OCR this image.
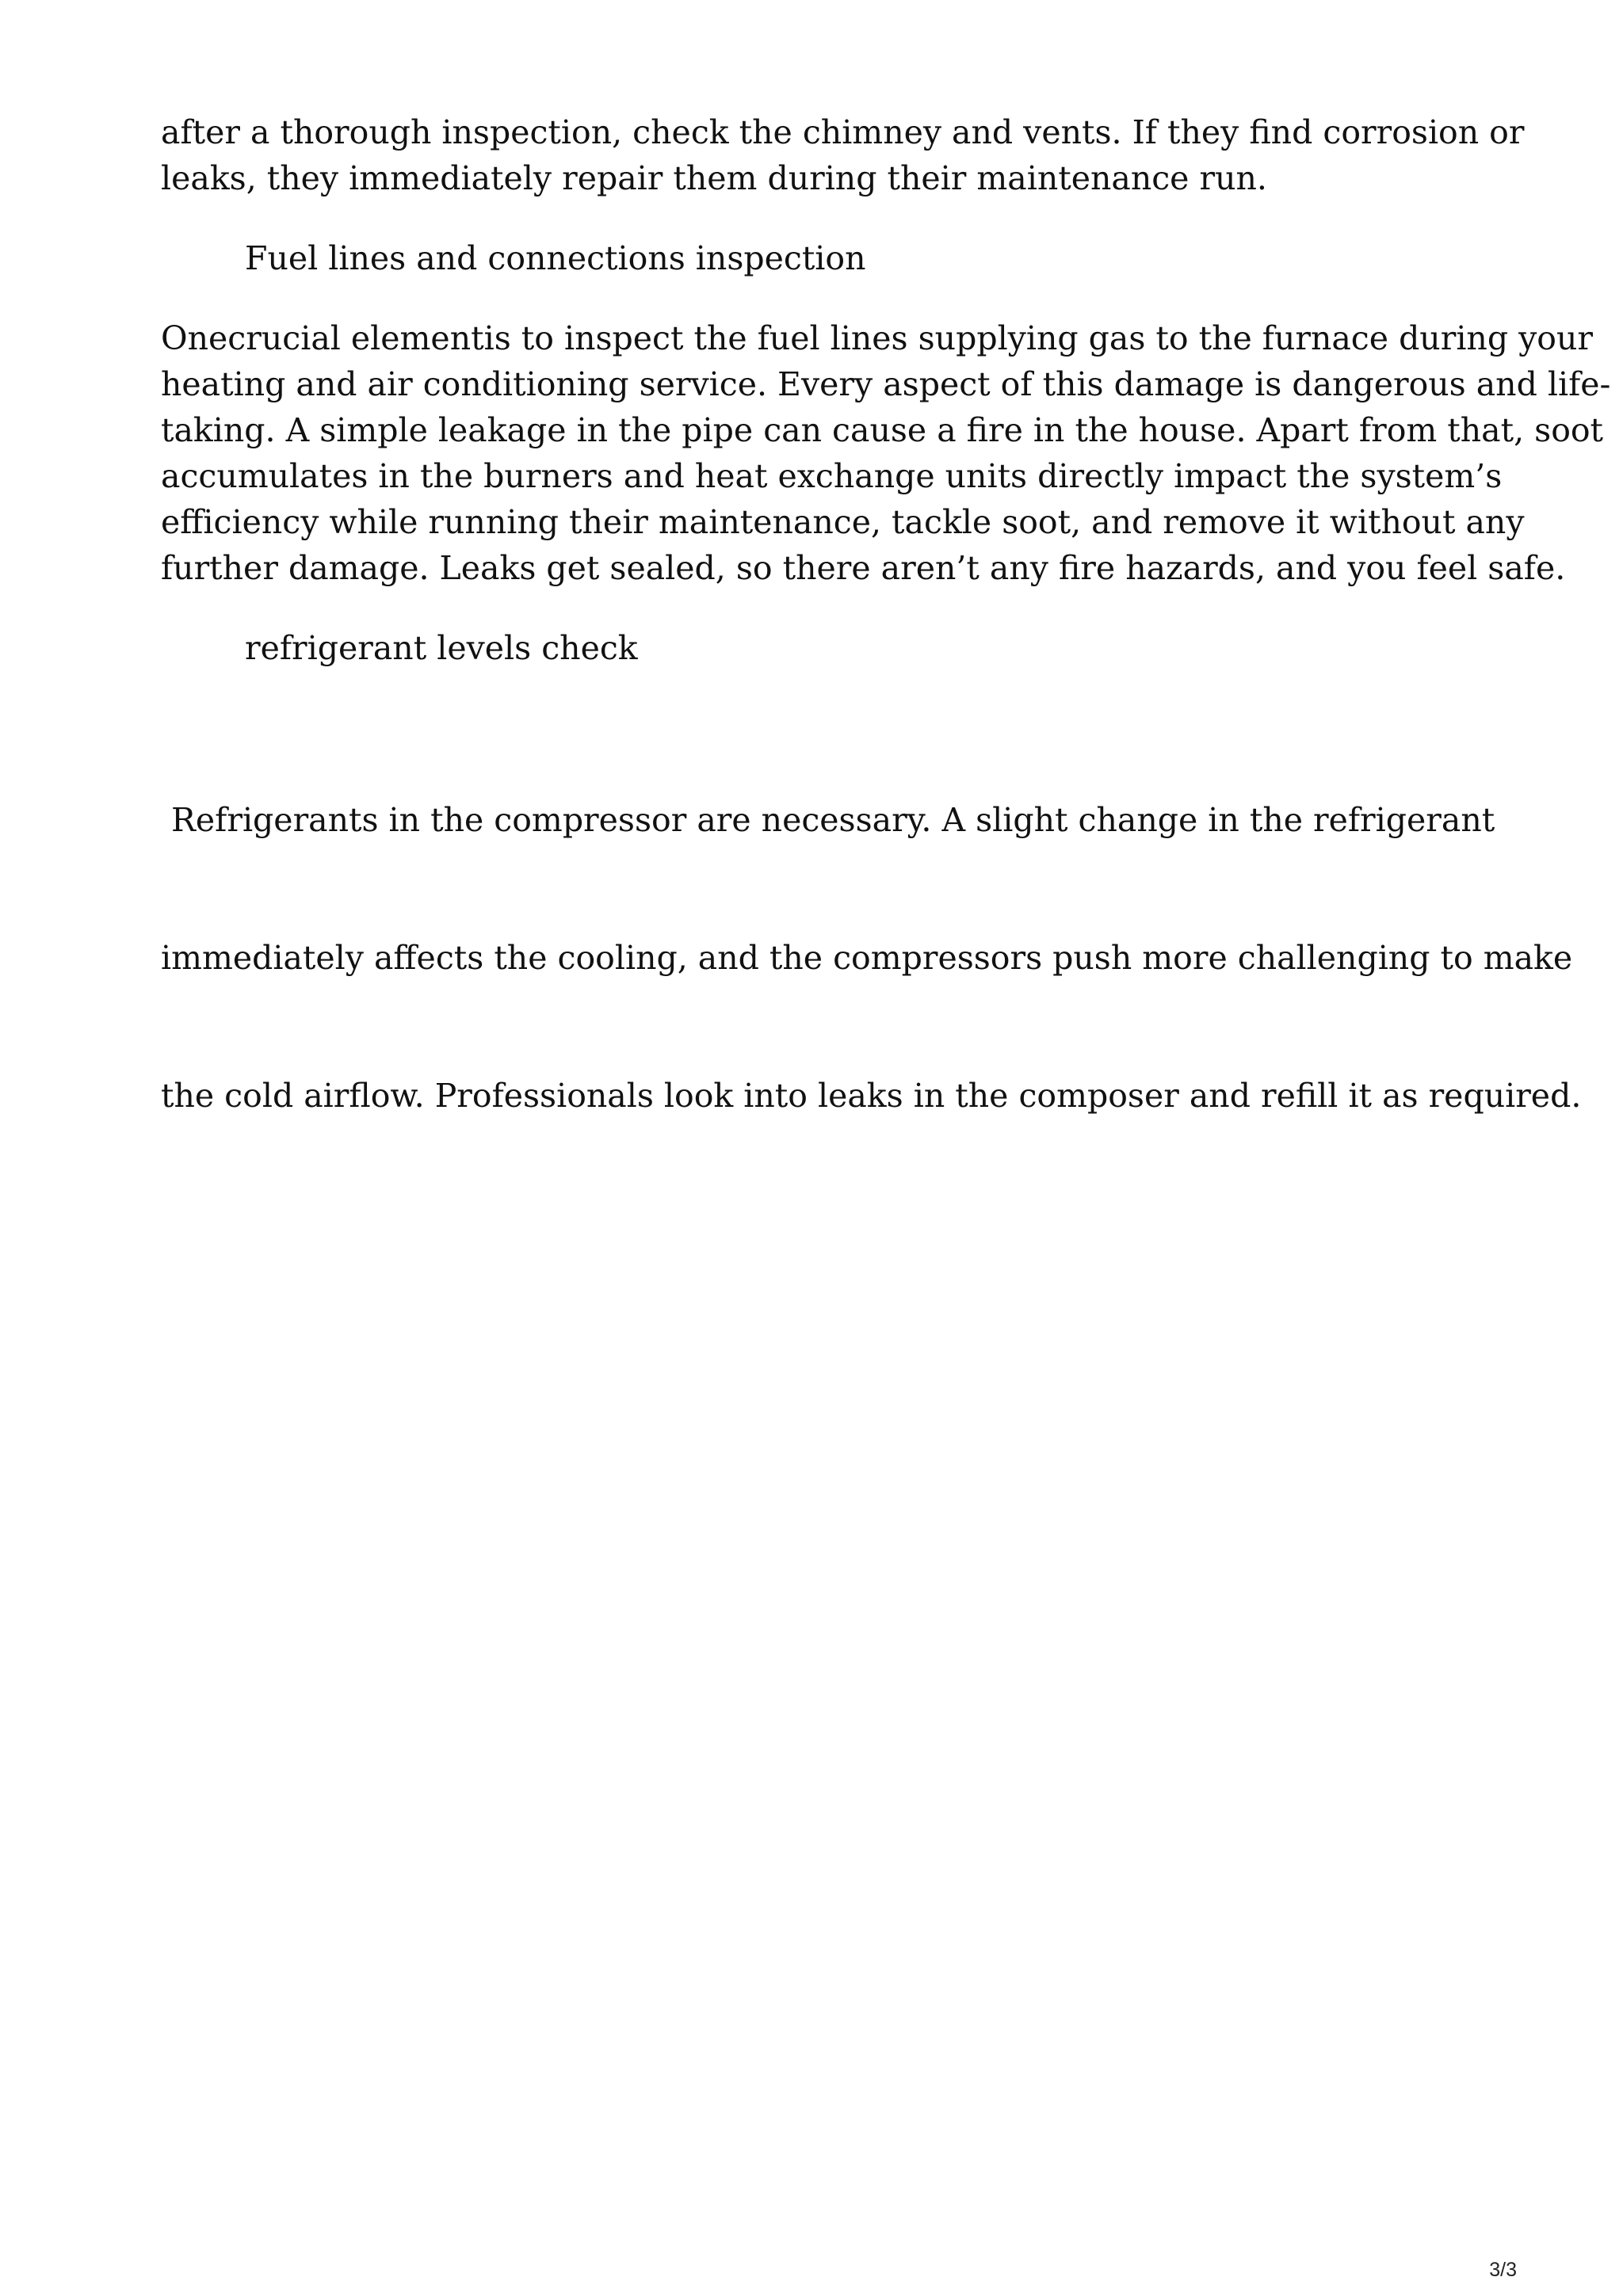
after a thorough inspection, check the chimney and vents. If they find corrosion or
leaks, they immediately repair them during their maintenance run.

Fuel lines and connections inspection

Onecrucial elementis to inspect the fuel lines supplying gas to the furnace during your
heating and air conditioning service. Every aspect of this damage is dangerous and life-
taking. A simple leakage in the pipe can cause a fire in the house. Apart from that, soot
accumulates in the burners and heat exchange units directly impact the system’s
efficiency while running their maintenance, tackle soot, and remove it without any
further damage. Leaks get sealed, so there aren’t any fire hazards, and you feel safe.

refrigerant levels check

Refrigerants in the compressor are necessary. A slight change in the refrigerant

immediately affects the cooling, and the compressors push more challenging to make

the cold airflow. Professionals look into leaks in the composer and refill it as required.

3/3
